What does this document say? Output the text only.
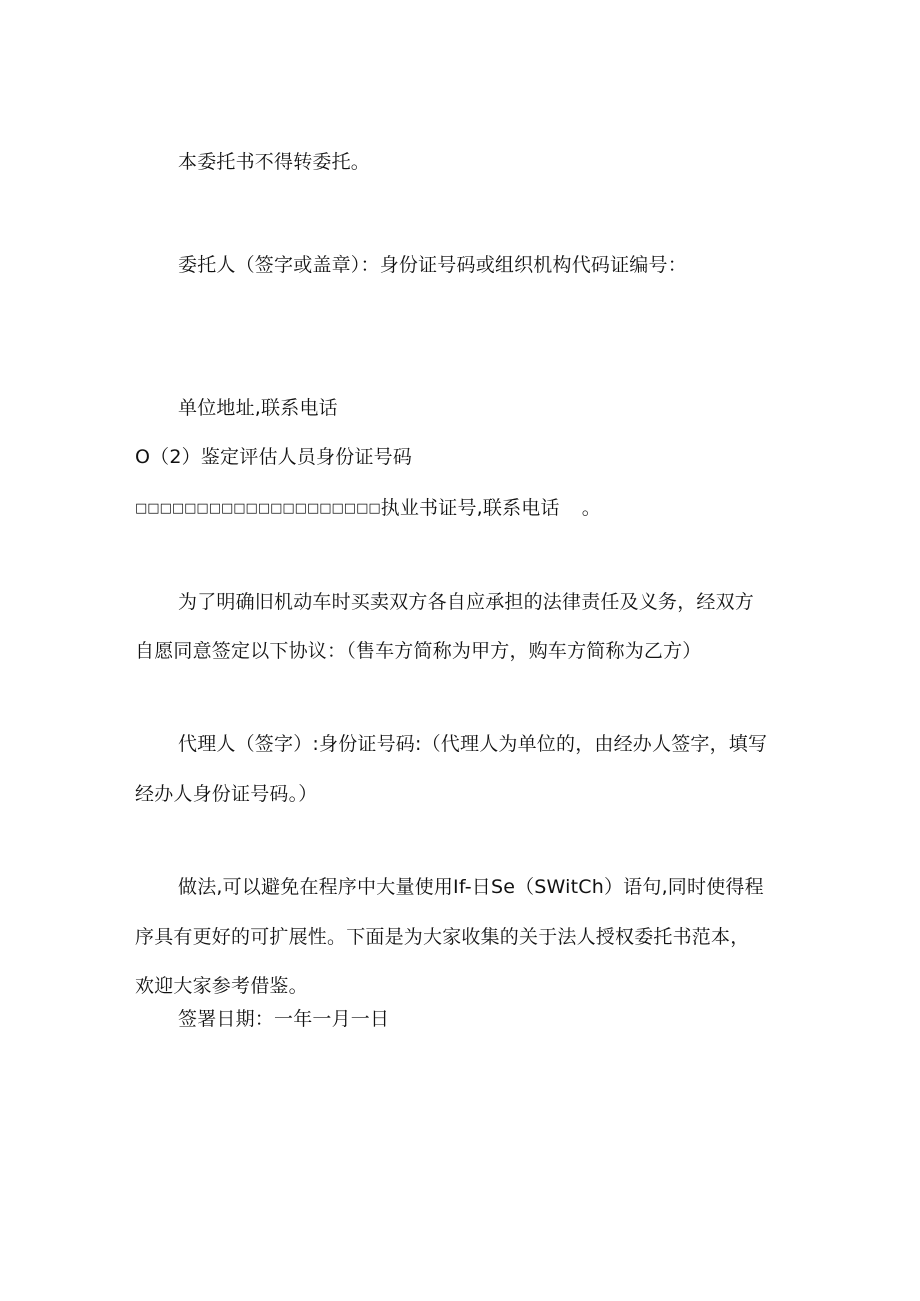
本委托书不得转委托。

委托人（签字或盖章）：身份证号码或组织机构代码证编号：

单位地址,联系电话

O（2）鉴定评估人员身份证号码

□□□□□□□□□□□□□□□□□□□□执业书证号,联系电话 。

为了明确旧机动车时买卖双方各自应承担的法律责任及义务，经双方

自愿同意签定以下协议：（售车方简称为甲方，购车方简称为乙方）

代理人（签字）:身份证号码:（代理人为单位的，由经办人签字，填写

经办人身份证号码。）

做法,可以避免在程序中大量使用If-日Se（SWitCh）语句,同时使得程

序具有更好的可扩展性。下面是为大家收集的关于法人授权委托书范本，

欢迎大家参考借鉴。

签署日期：一年一月一日
